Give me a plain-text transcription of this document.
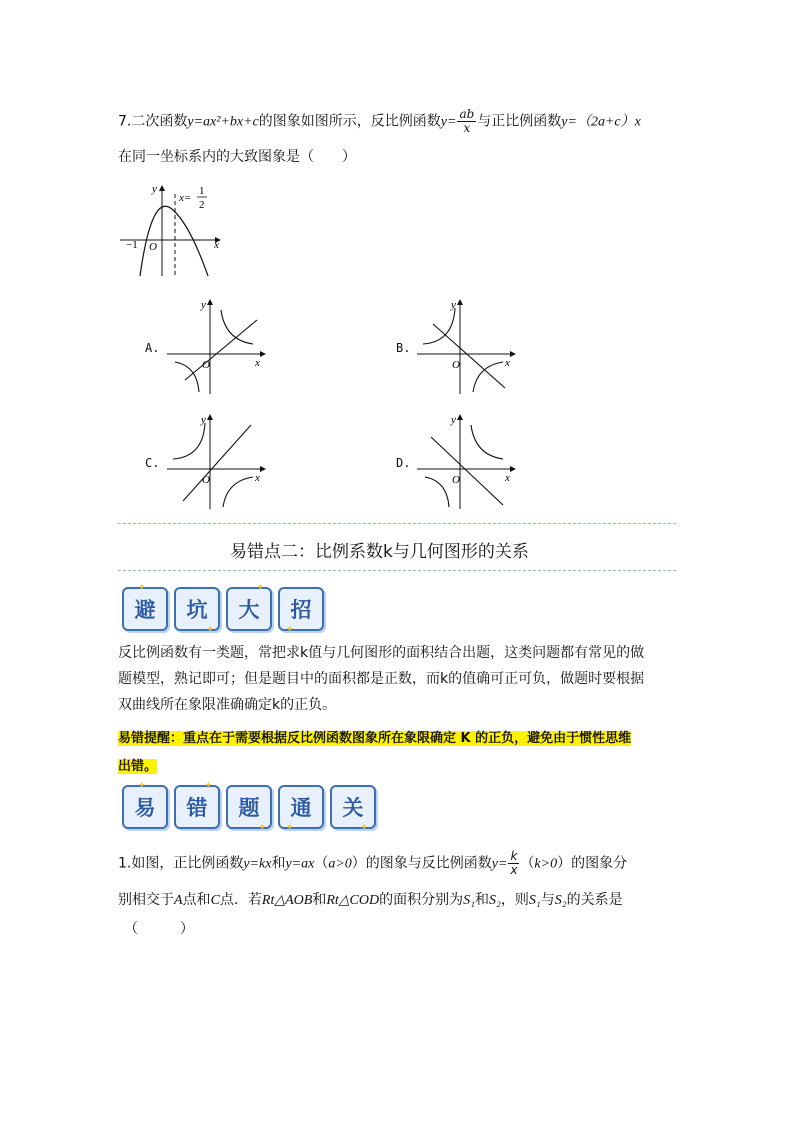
7.二次函数y=ax²+bx+c的图象如图所示，反比例函数$y= \frac{ab}{x}$ 与正比例函数y=（2a+c）x
在同一坐标系内的大致图象是（　　）
y
x
O
−1
x=
1
2
A.
y
x
O
B.
y
x
O
C.
y
x
O
D.
y
x
O
易错点二：比例系数k与几何图形的关系
避
✦
坑
✦
大
✦
招
✦
反比例函数有一类题，常把求k值与几何图形的面积结合出题，这类问题都有常见的做
题模型，熟记即可；但是题目中的面积都是正数，而k的值确可正可负，做题时要根据
双曲线所在象限准确确定k的正负。
易错提醒：重点在于需要根据反比例函数图象所在象限确定 K 的正负，避免由于惯性思维
出错。
易
✦
错
✦
题
✦
通
✦
关
✦
1.如图，正比例函数y=kx和y=ax（a>0）的图象与反比例函数$y= \frac{k}{x} (k>0)$的图象分
别相交于A点和C点．若Rt△AOB和Rt△COD的面积分别为S₁和S₂，则S₁与S₂的关系是
（　　　）
